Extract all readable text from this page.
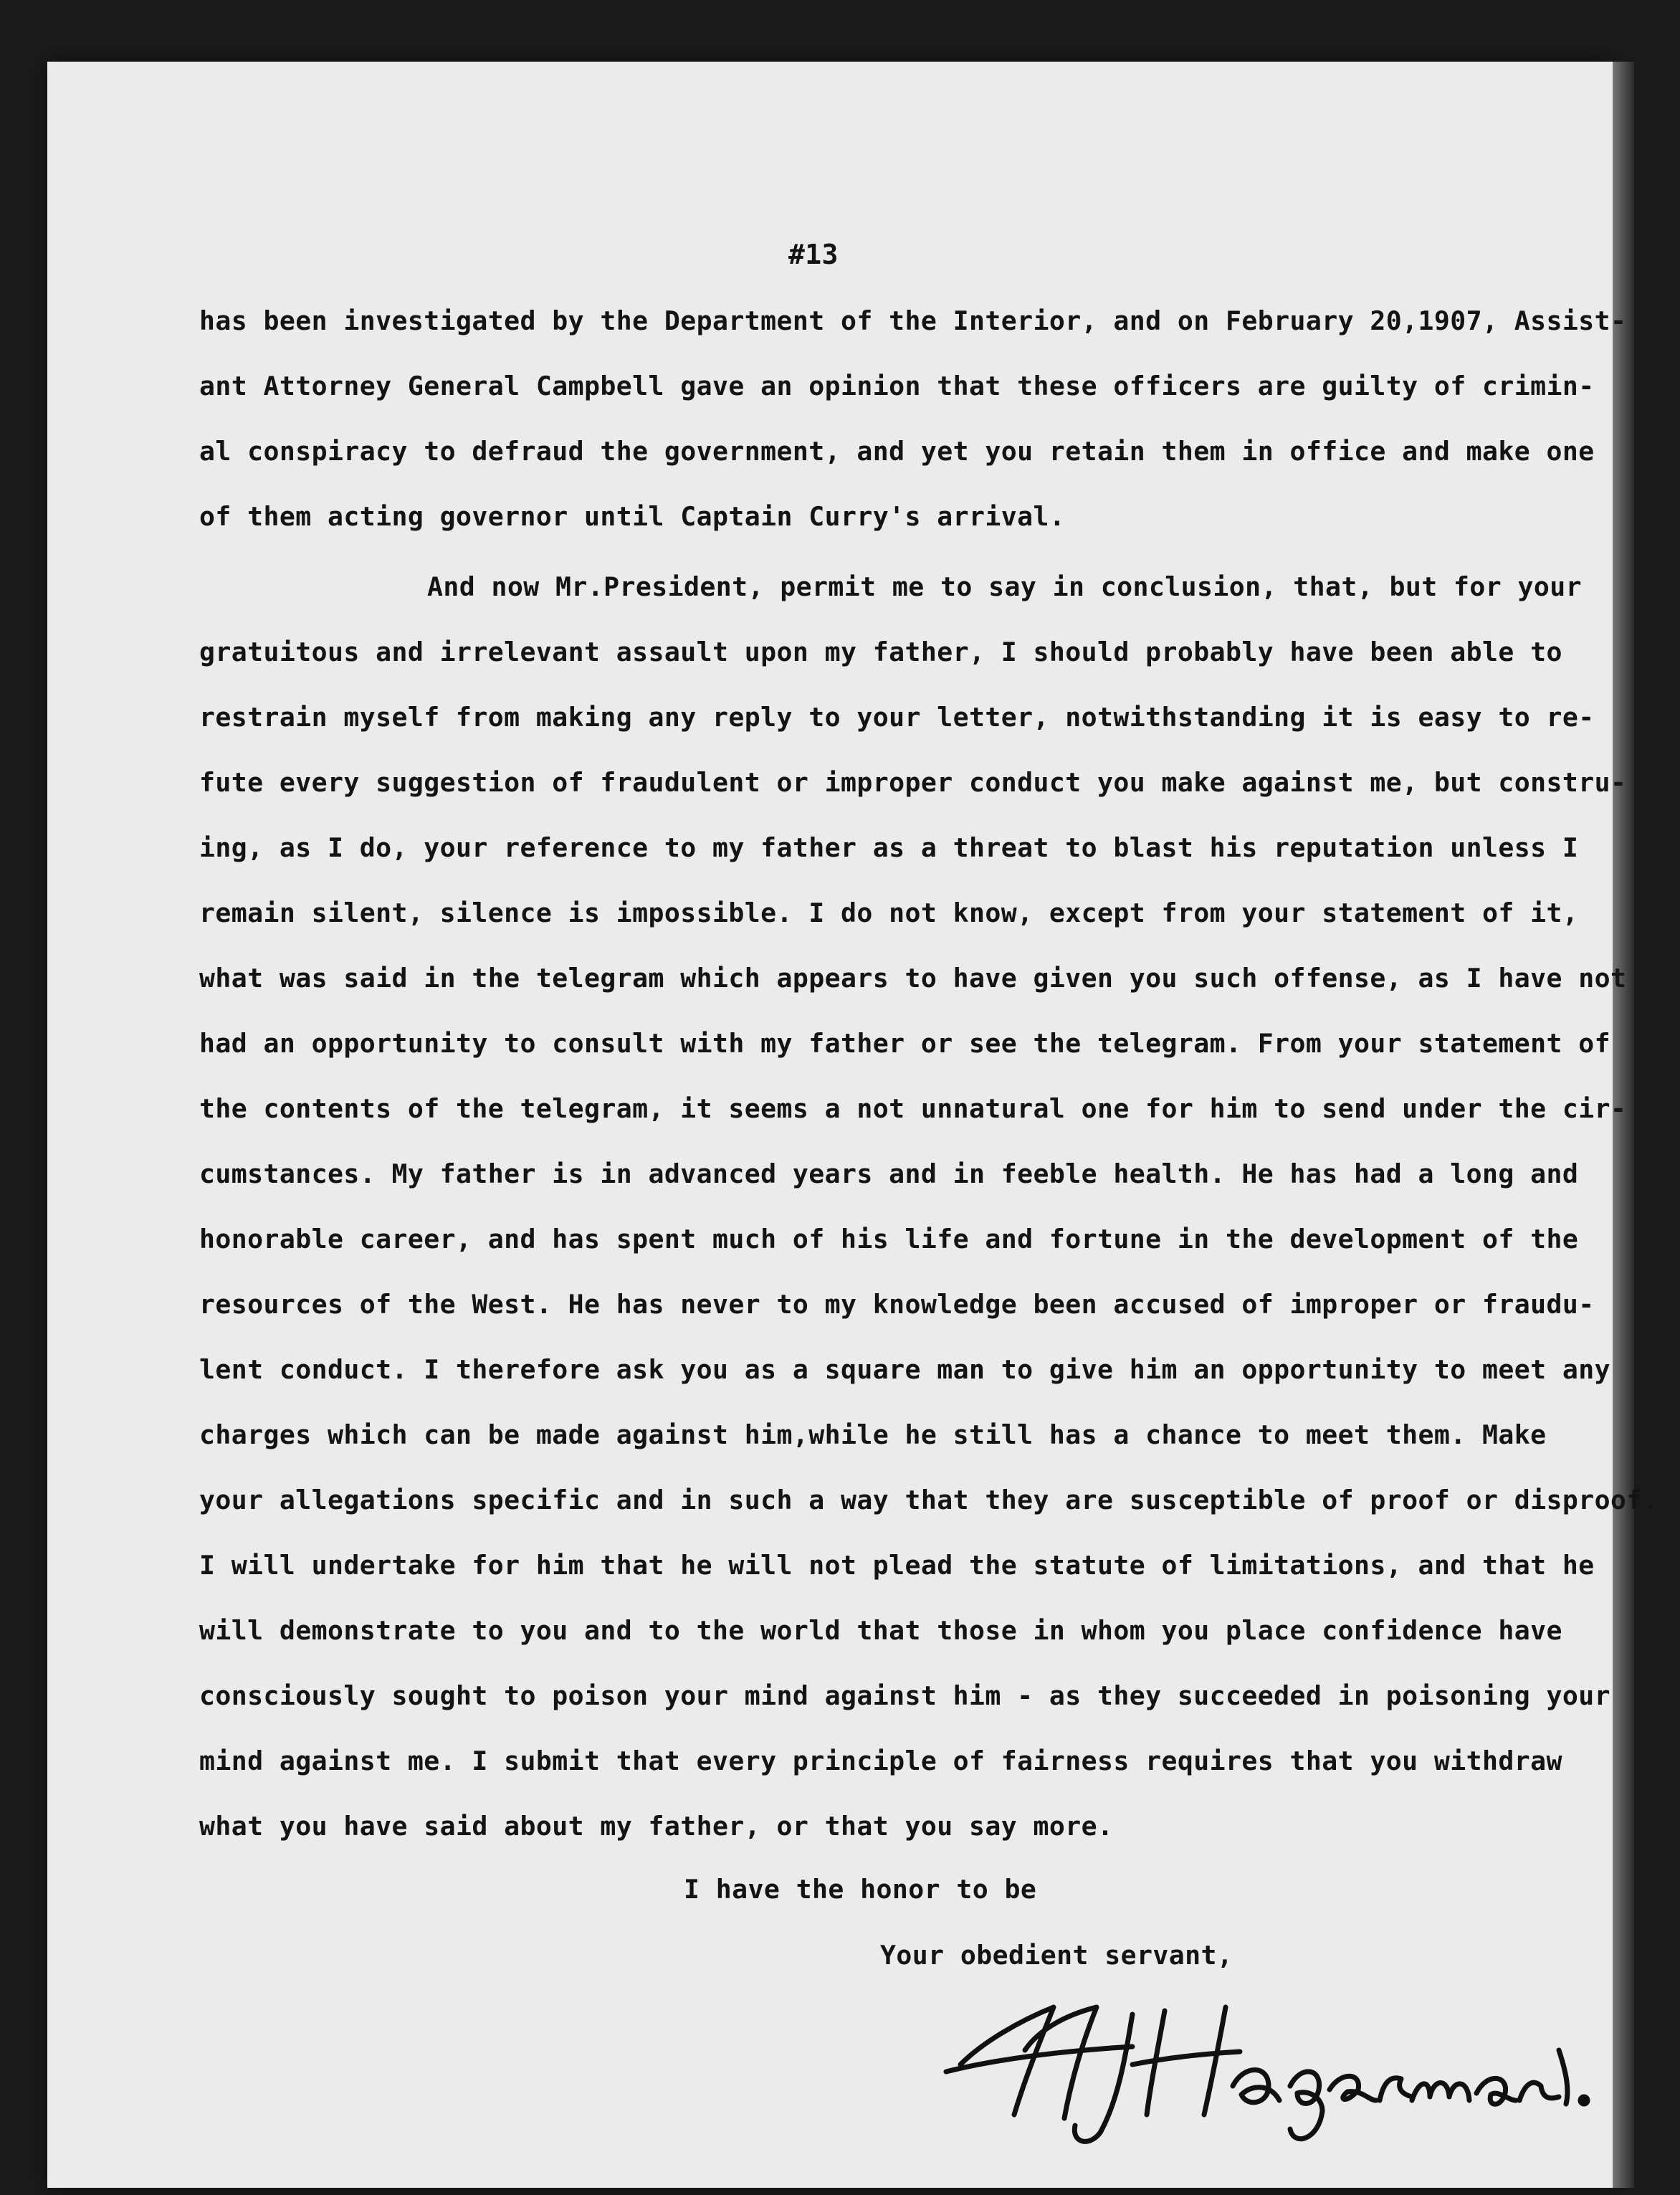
#13
has been investigated by the Department of the Interior, and on February 20,1907, Assist-
ant Attorney General Campbell gave an opinion that these officers are guilty of crimin-
al conspiracy to defraud the government, and yet you retain them in office and make one
of them acting governor until Captain Curry's arrival.
And now Mr.President, permit me to say in conclusion, that, but for your
gratuitous and irrelevant assault upon my father, I should probably have been able to
restrain myself from making any reply to your letter, notwithstanding it is easy to re-
fute every suggestion of fraudulent or improper conduct you make against me, but constru-
ing, as I do, your reference to my father as a threat to blast his reputation unless I
remain silent, silence is impossible. I do not know, except from your statement of it,
what was said in the telegram which appears to have given you such offense, as I have not
had an opportunity to consult with my father or see the telegram. From your statement of
the contents of the telegram, it seems a not unnatural one for him to send under the cir-
cumstances. My father is in advanced years and in feeble health. He has had a long and
honorable career, and has spent much of his life and fortune in the development of the
resources of the West. He has never to my knowledge been accused of improper or fraudu-
lent conduct. I therefore ask you as a square man to give him an opportunity to meet any
charges which can be made against him,while he still has a chance to meet them. Make
your allegations specific and in such a way that they are susceptible of proof or disproof.
I will undertake for him that he will not plead the statute of limitations, and that he
will demonstrate to you and to the world that those in whom you place confidence have
consciously sought to poison your mind against him - as they succeeded in poisoning your
mind against me. I submit that every principle of fairness requires that you withdraw
what you have said about my father, or that you say more.
I have the honor to be
Your obedient servant,
